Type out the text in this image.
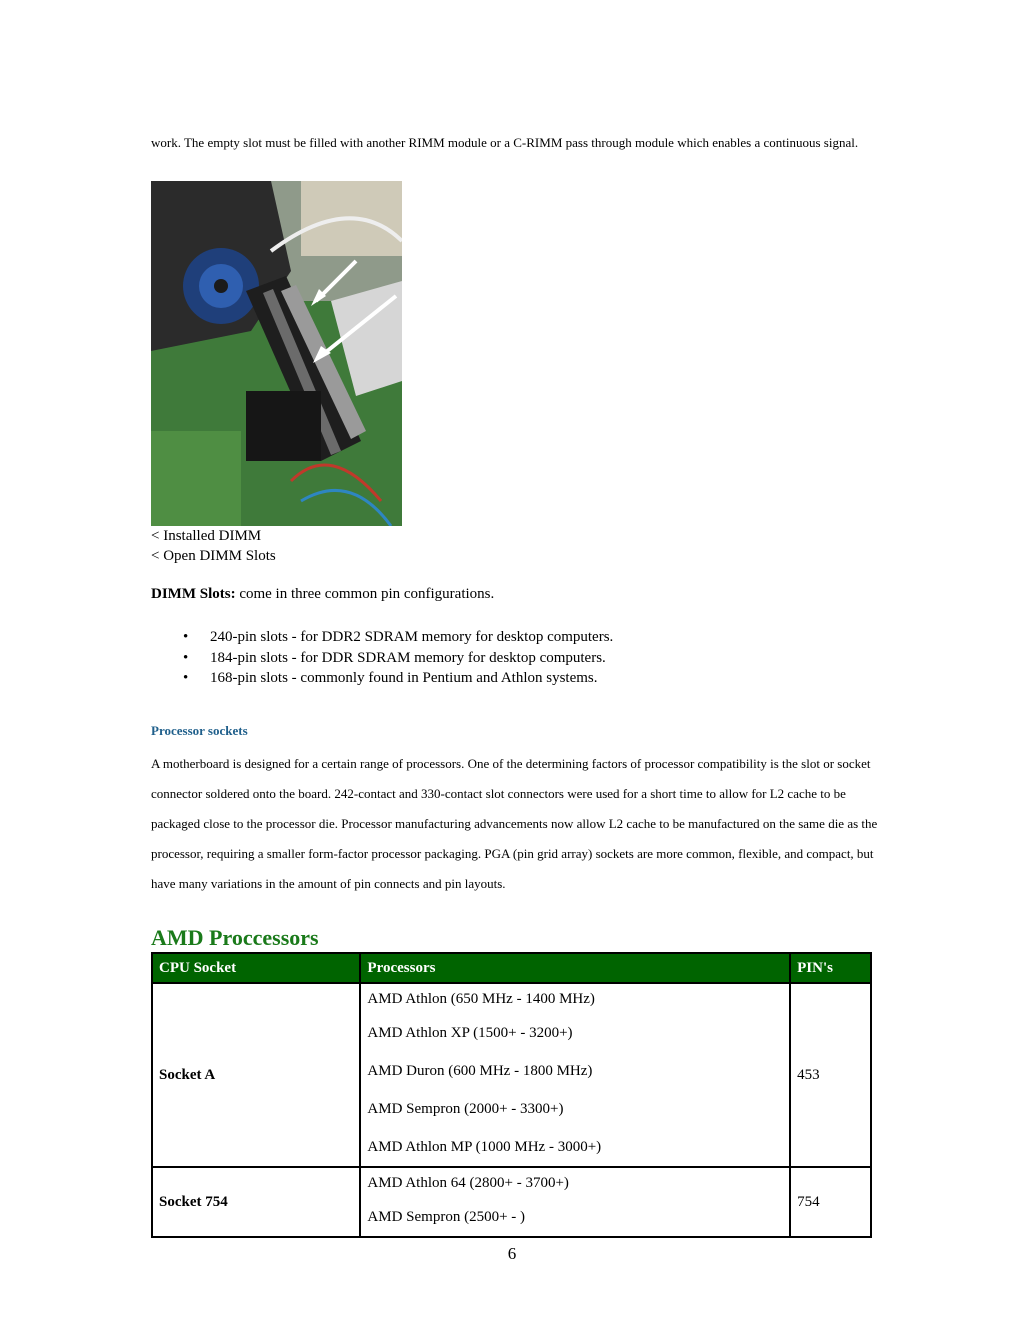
work. The empty slot must be filled with another RIMM module or a C-RIMM pass through module which enables a continuous signal.
< Installed DIMM
< Open DIMM Slots
DIMM Slots: come in three common pin configurations.
• 240-pin slots - for DDR2 SDRAM memory for desktop computers.
• 184-pin slots - for DDR SDRAM memory for desktop computers.
• 168-pin slots - commonly found in Pentium and Athlon systems.
Processor sockets
A motherboard is designed for a certain range of processors. One of the determining factors of processor compatibility is the slot or socket connector soldered onto the board. 242-contact and 330-contact slot connectors were used for a short time to allow for L2 cache to be packaged close to the processor die. Processor manufacturing advancements now allow L2 cache to be manufactured on the same die as the processor, requiring a smaller form-factor processor packaging. PGA (pin grid array) sockets are more common, flexible, and compact, but have many variations in the amount of pin connects and pin layouts.
AMD Proccessors
CPU Socket	Processors	PIN's
Socket A	AMD Athlon (650 MHz - 1400 MHz)
AMD Athlon XP (1500+ - 3200+)
AMD Duron (600 MHz - 1800 MHz)
AMD Sempron (2000+ - 3300+)
AMD Athlon MP (1000 MHz - 3000+)	453
Socket 754	AMD Athlon 64 (2800+ - 3700+)
AMD Sempron (2500+ - )	754
6
